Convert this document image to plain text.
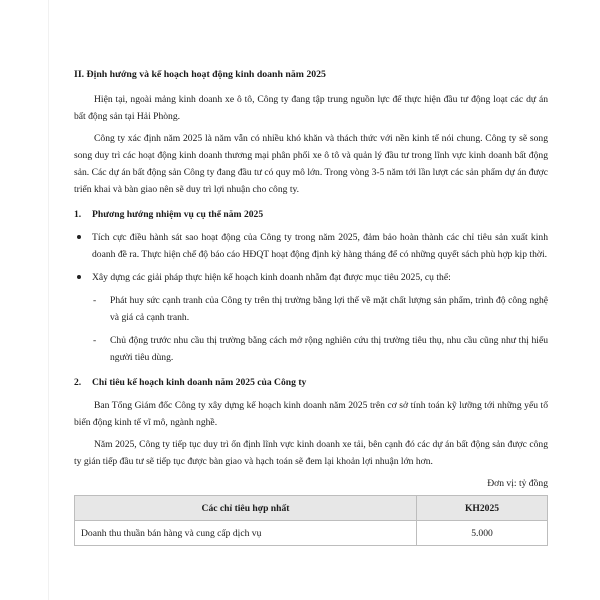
II. Định hướng và kế hoạch hoạt động kinh doanh năm 2025

Hiện tại, ngoài mảng kinh doanh xe ô tô, Công ty đang tập trung nguồn lực để thực hiện đầu tư động loạt các dự án bất động sản tại Hải Phòng.

Công ty xác định năm 2025 là năm vẫn có nhiều khó khăn và thách thức với nền kinh tế nói chung. Công ty sẽ song song duy trì các hoạt động kinh doanh thương mại phân phối xe ô tô và quản lý đầu tư trong lĩnh vực kinh doanh bất động sản. Các dự án bất động sản Công ty đang đầu tư có quy mô lớn. Trong vòng 3-5 năm tới lần lượt các sản phẩm dự án được triển khai và bàn giao nên sẽ duy trì lợi nhuận cho công ty.

1.	Phương hướng nhiệm vụ cụ thể năm 2025
Tích cực điều hành sát sao hoạt động của Công ty trong năm 2025, đảm bảo hoàn thành các chỉ tiêu sản xuất kinh doanh đề ra. Thực hiện chế độ báo cáo HĐQT hoạt động định kỳ hàng tháng để có những quyết sách phù hợp kịp thời.
Xây dựng các giải pháp thực hiện kế hoạch kinh doanh nhằm đạt được mục tiêu 2025, cụ thể:
- Phát huy sức cạnh tranh của Công ty trên thị trường bằng lợi thế về mặt chất lượng sản phẩm, trình độ công nghệ và giá cả cạnh tranh.
- Chủ động trước nhu cầu thị trường bằng cách mở rộng nghiên cứu thị trường tiêu thụ, nhu cầu cũng như thị hiếu người tiêu dùng.
2.	Chỉ tiêu kế hoạch kinh doanh năm 2025 của Công ty

Ban Tổng Giám đốc Công ty xây dựng kế hoạch kinh doanh năm 2025 trên cơ sở tính toán kỹ lưỡng tới những yếu tố biến động kinh tế vĩ mô, ngành nghề.

Năm 2025, Công ty tiếp tục duy trì ổn định lĩnh vực kinh doanh xe tải, bên cạnh đó các dự án bất động sản được công ty gián tiếp đầu tư sẽ tiếp tục được bàn giao và hạch toán sẽ đem lại khoản lợi nhuận lớn hơn.

Đơn vị: tỷ đồng
Các chỉ tiêu hợp nhất	KH2025
Doanh thu thuần bán hàng và cung cấp dịch vụ	5.000
